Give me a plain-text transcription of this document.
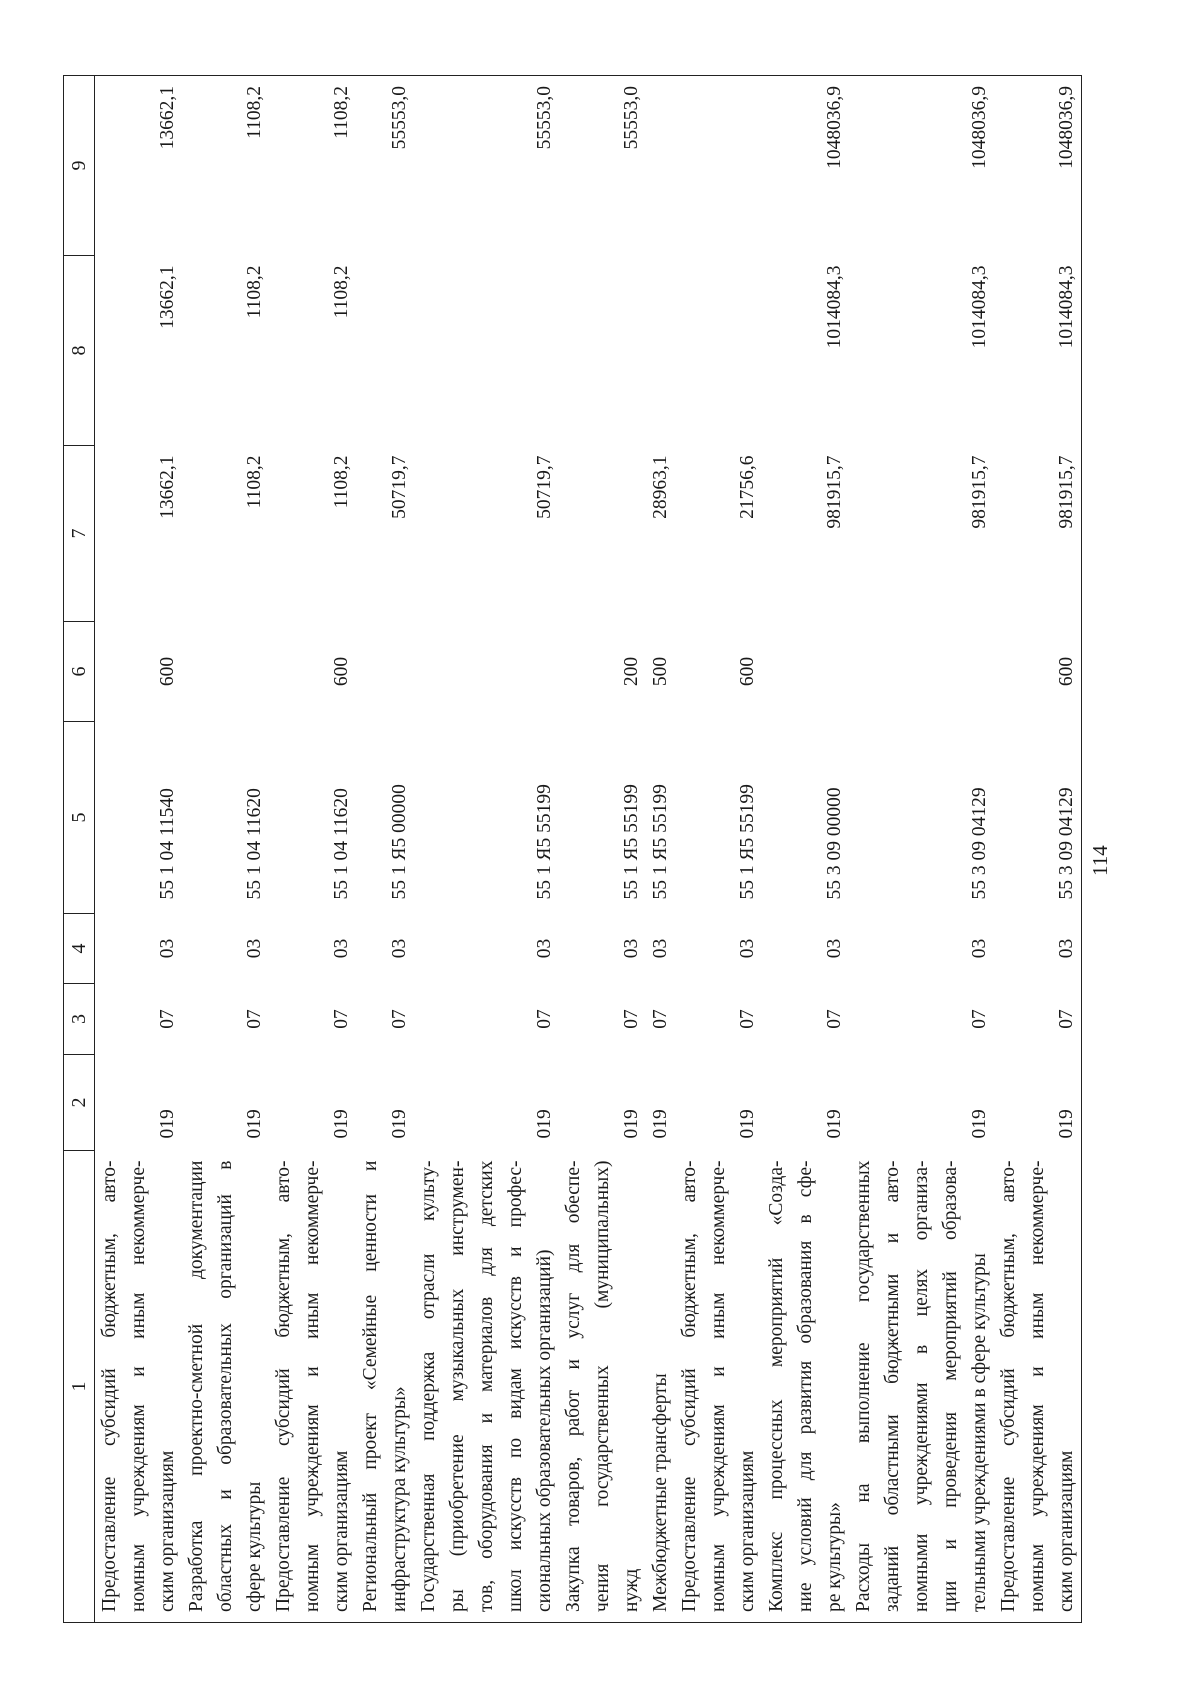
114
1	2	3	4	5	6	7	8	9

Предоставление субсидий бюджетным, авто- номным учреждениям и иным некоммерче- ским организациям	019	07	03	55 1 04 11540	600	13662,1	13662,1	13662,1

Разработка проектно-сметной документации областных и образовательных организаций в сфере культуры	019	07	03	55 1 04 11620		1108,2	1108,2	1108,2

Предоставление субсидий бюджетным, авто- номным учреждениям и иным некоммерче- ским организациям	019	07	03	55 1 04 11620	600	1108,2	1108,2	1108,2

Региональный проект «Семейные ценности и инфраструктура культуры»	019	07	03	55 1 Я5 00000		50719,7		55553,0

Государственная поддержка отрасли культу- ры (приобретение музыкальных инструмен- тов, оборудования и материалов для детских школ искусств по видам искусств и профес- сиональных образовательных организаций)	019	07	03	55 1 Я5 55199		50719,7		55553,0

Закупка товаров, работ и услуг для обеспе- чения государственных (муниципальных) нужд	019	07	03	55 1 Я5 55199	200			55553,0

Межбюджетные трансферты	019	07	03	55 1 Я5 55199	500	28963,1		

Предоставление субсидий бюджетным, авто- номным учреждениям и иным некоммерче- ским организациям	019	07	03	55 1 Я5 55199	600	21756,6		

Комплекс процессных мероприятий «Созда- ние условий для развития образования в сфе- ре культуры»	019	07	03	55 3 09 00000		981915,7	1014084,3	1048036,9

Расходы на выполнение государственных заданий областными бюджетными и авто- номными учреждениями в целях организа- ции и проведения мероприятий образова- тельными учреждениями в сфере культуры	019	07	03	55 3 09 04129		981915,7	1014084,3	1048036,9

Предоставление субсидий бюджетным, авто- номным учреждениям и иным некоммерче- ским организациям	019	07	03	55 3 09 04129	600	981915,7	1014084,3	1048036,9
